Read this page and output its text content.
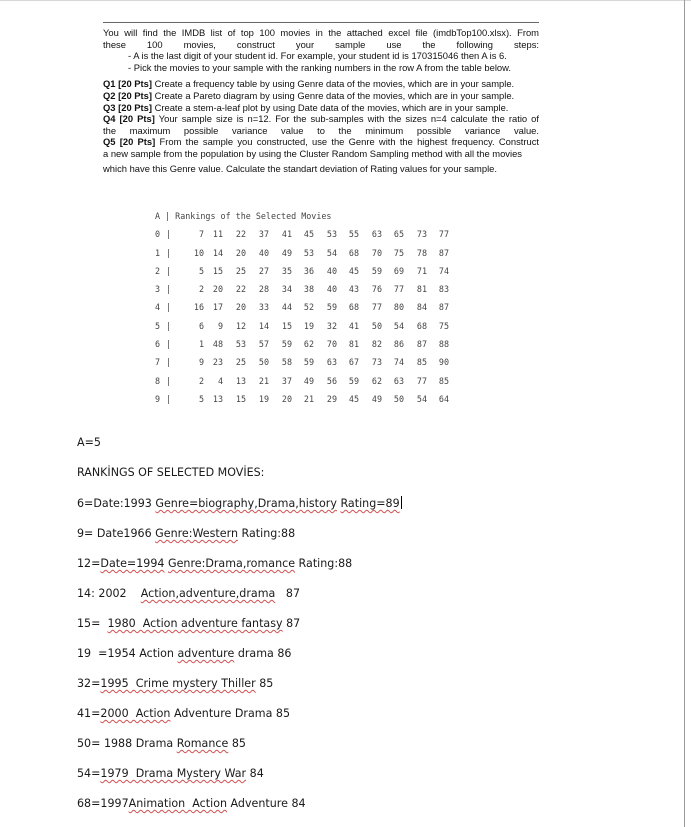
You will find the IMDB list of top 100 movies in the attached excel file (imdbTop100.xlsx). From
these 100 movies, construct your sample use the following steps:
- A is the last digit of your student id. For example, your student id is 170315046 then A is 6.
- Pick the movies to your sample with the ranking numbers in the row A from the table below.
Q1 [20 Pts] Create a frequency table by using Genre data of the movies, which are in your sample.
Q2 [20 Pts] Create a Pareto diagram by using Genre data of the movies, which are in your sample.
Q3 [20 Pts] Create a stem-a-leaf plot by using Date data of the movies, which are in your sample.
Q4 [20 Pts] Your sample size is n=12. For the sub-samples with the sizes n=4 calculate the ratio of
the maximum possible variance value to the minimum possible variance value.
Q5 [20 Pts] From the sample you constructed, use the Genre with the highest frequency. Construct
a new sample from the population by using the Cluster Random Sampling method with all the movies
which have this Genre value. Calculate the standart deviation of Rating values for your sample.
A | Rankings of the Selected Movies
0 |	7	11	22	37	41	45	53	55	63	65	73	77
1 |	10	14	20	40	49	53	54	68	70	75	78	87
2 |	5	15	25	27	35	36	40	45	59	69	71	74
3 |	2	20	22	28	34	38	40	43	76	77	81	83
4 |	16	17	20	33	44	52	59	68	77	80	84	87
5 |	6	9	12	14	15	19	32	41	50	54	68	75
6 |	1	48	53	57	59	62	70	81	82	86	87	88
7 |	9	23	25	50	58	59	63	67	73	74	85	90
8 |	2	4	13	21	37	49	56	59	62	63	77	85
9 |	5	13	15	19	20	21	29	45	49	50	54	64
A=5
RANKİNGS OF SELECTED MOVİES:
6=Date:1993 Genre=biography,Drama,history Rating=89
9= Date1966 Genre:Western Rating:88
12=Date=1994 Genre:Drama,romance Rating:88
14: 2002    Action,adventure,drama   87
15=  1980  Action adventure fantasy 87
19  =1954 Action adventure drama 86
32=1995  Crime mystery Thiller 85
41=2000  Action Adventure Drama 85
50= 1988 Drama Romance 85
54=1979  Drama Mystery War 84
68=1997Animation  Action Adventure 84
